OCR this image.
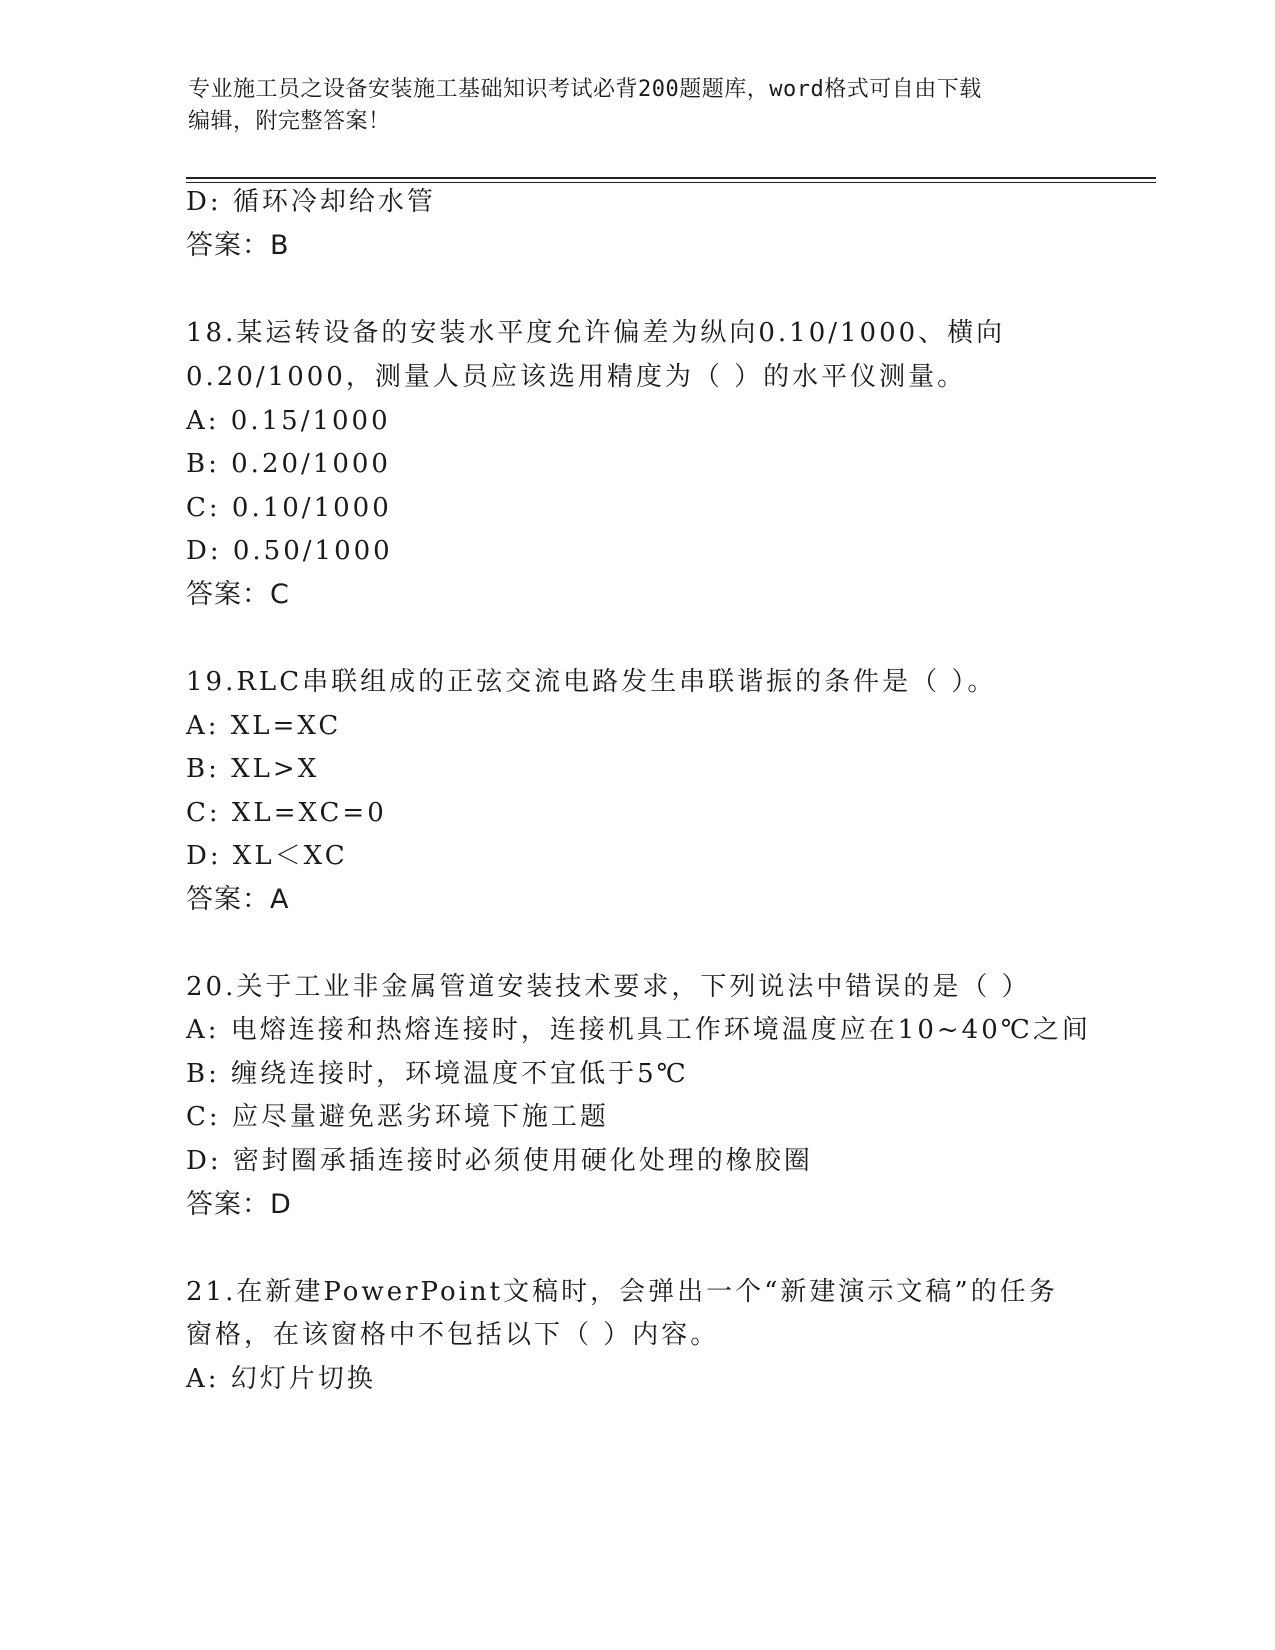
专业施工员之设备安装施工基础知识考试必背200题题库，word格式可自由下载
编辑，附完整答案！
D: 循环冷却给水管
答案：B
18.某运转设备的安装水平度允许偏差为纵向0.10/1000、横向
0.20/1000，测量人员应该选用精度为（ ）的水平仪测量。
A: 0.15/1000
B: 0.20/1000
C: 0.10/1000
D: 0.50/1000
答案：C
19.RLC串联组成的正弦交流电路发生串联谐振的条件是（ ）。
A: XL=XC
B: XL>X
C: XL=XC=0
D: XL＜XC
答案：A
20.关于工业非金属管道安装技术要求，下列说法中错误的是（ ）
A: 电熔连接和热熔连接时，连接机具工作环境温度应在10~40℃之间
B: 缠绕连接时，环境温度不宜低于5℃
C: 应尽量避免恶劣环境下施工题
D: 密封圈承插连接时必须使用硬化处理的橡胶圈
答案：D
21.在新建PowerPoint文稿时，会弹出一个“新建演示文稿”的任务
窗格，在该窗格中不包括以下（ ）内容。
A: 幻灯片切换
